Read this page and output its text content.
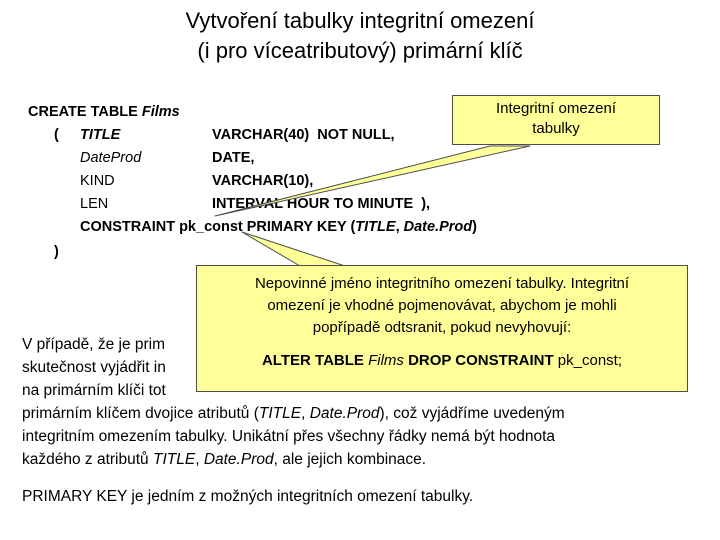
Vytvoření tabulky integritní omezení
(i pro víceatributový) primární klíč
CREATE TABLE Films
( TITLE	VARCHAR(40)  NOT NULL,
DateProd	DATE,
KIND	VARCHAR(10),
LEN	INTERVAL HOUR TO MINUTE  ),
CONSTRAINT pk_const PRIMARY KEY (TITLE, Date.Prod)
)
V případě, že je prim
skutečnost vyjádřit in
na primárním klíči tot
primárním klíčem dvojice atributů (TITLE, Date.Prod), což vyjádříme uvedeným
integritním omezením tabulky. Unikátní přes všechny řádky nemá být hodnota
každého z atributů TITLE, Date.Prod, ale jejich kombinace.
PRIMARY KEY je jedním z možných integritních omezení tabulky.
Integritní omezení
tabulky
Nepovinné jméno integritního omezení tabulky. Integritní
omezení je vhodné pojmenovávat, abychom je mohli
popřípadě odtsranit, pokud nevyhovují:
ALTER TABLE Films DROP CONSTRAINT pk_const;
